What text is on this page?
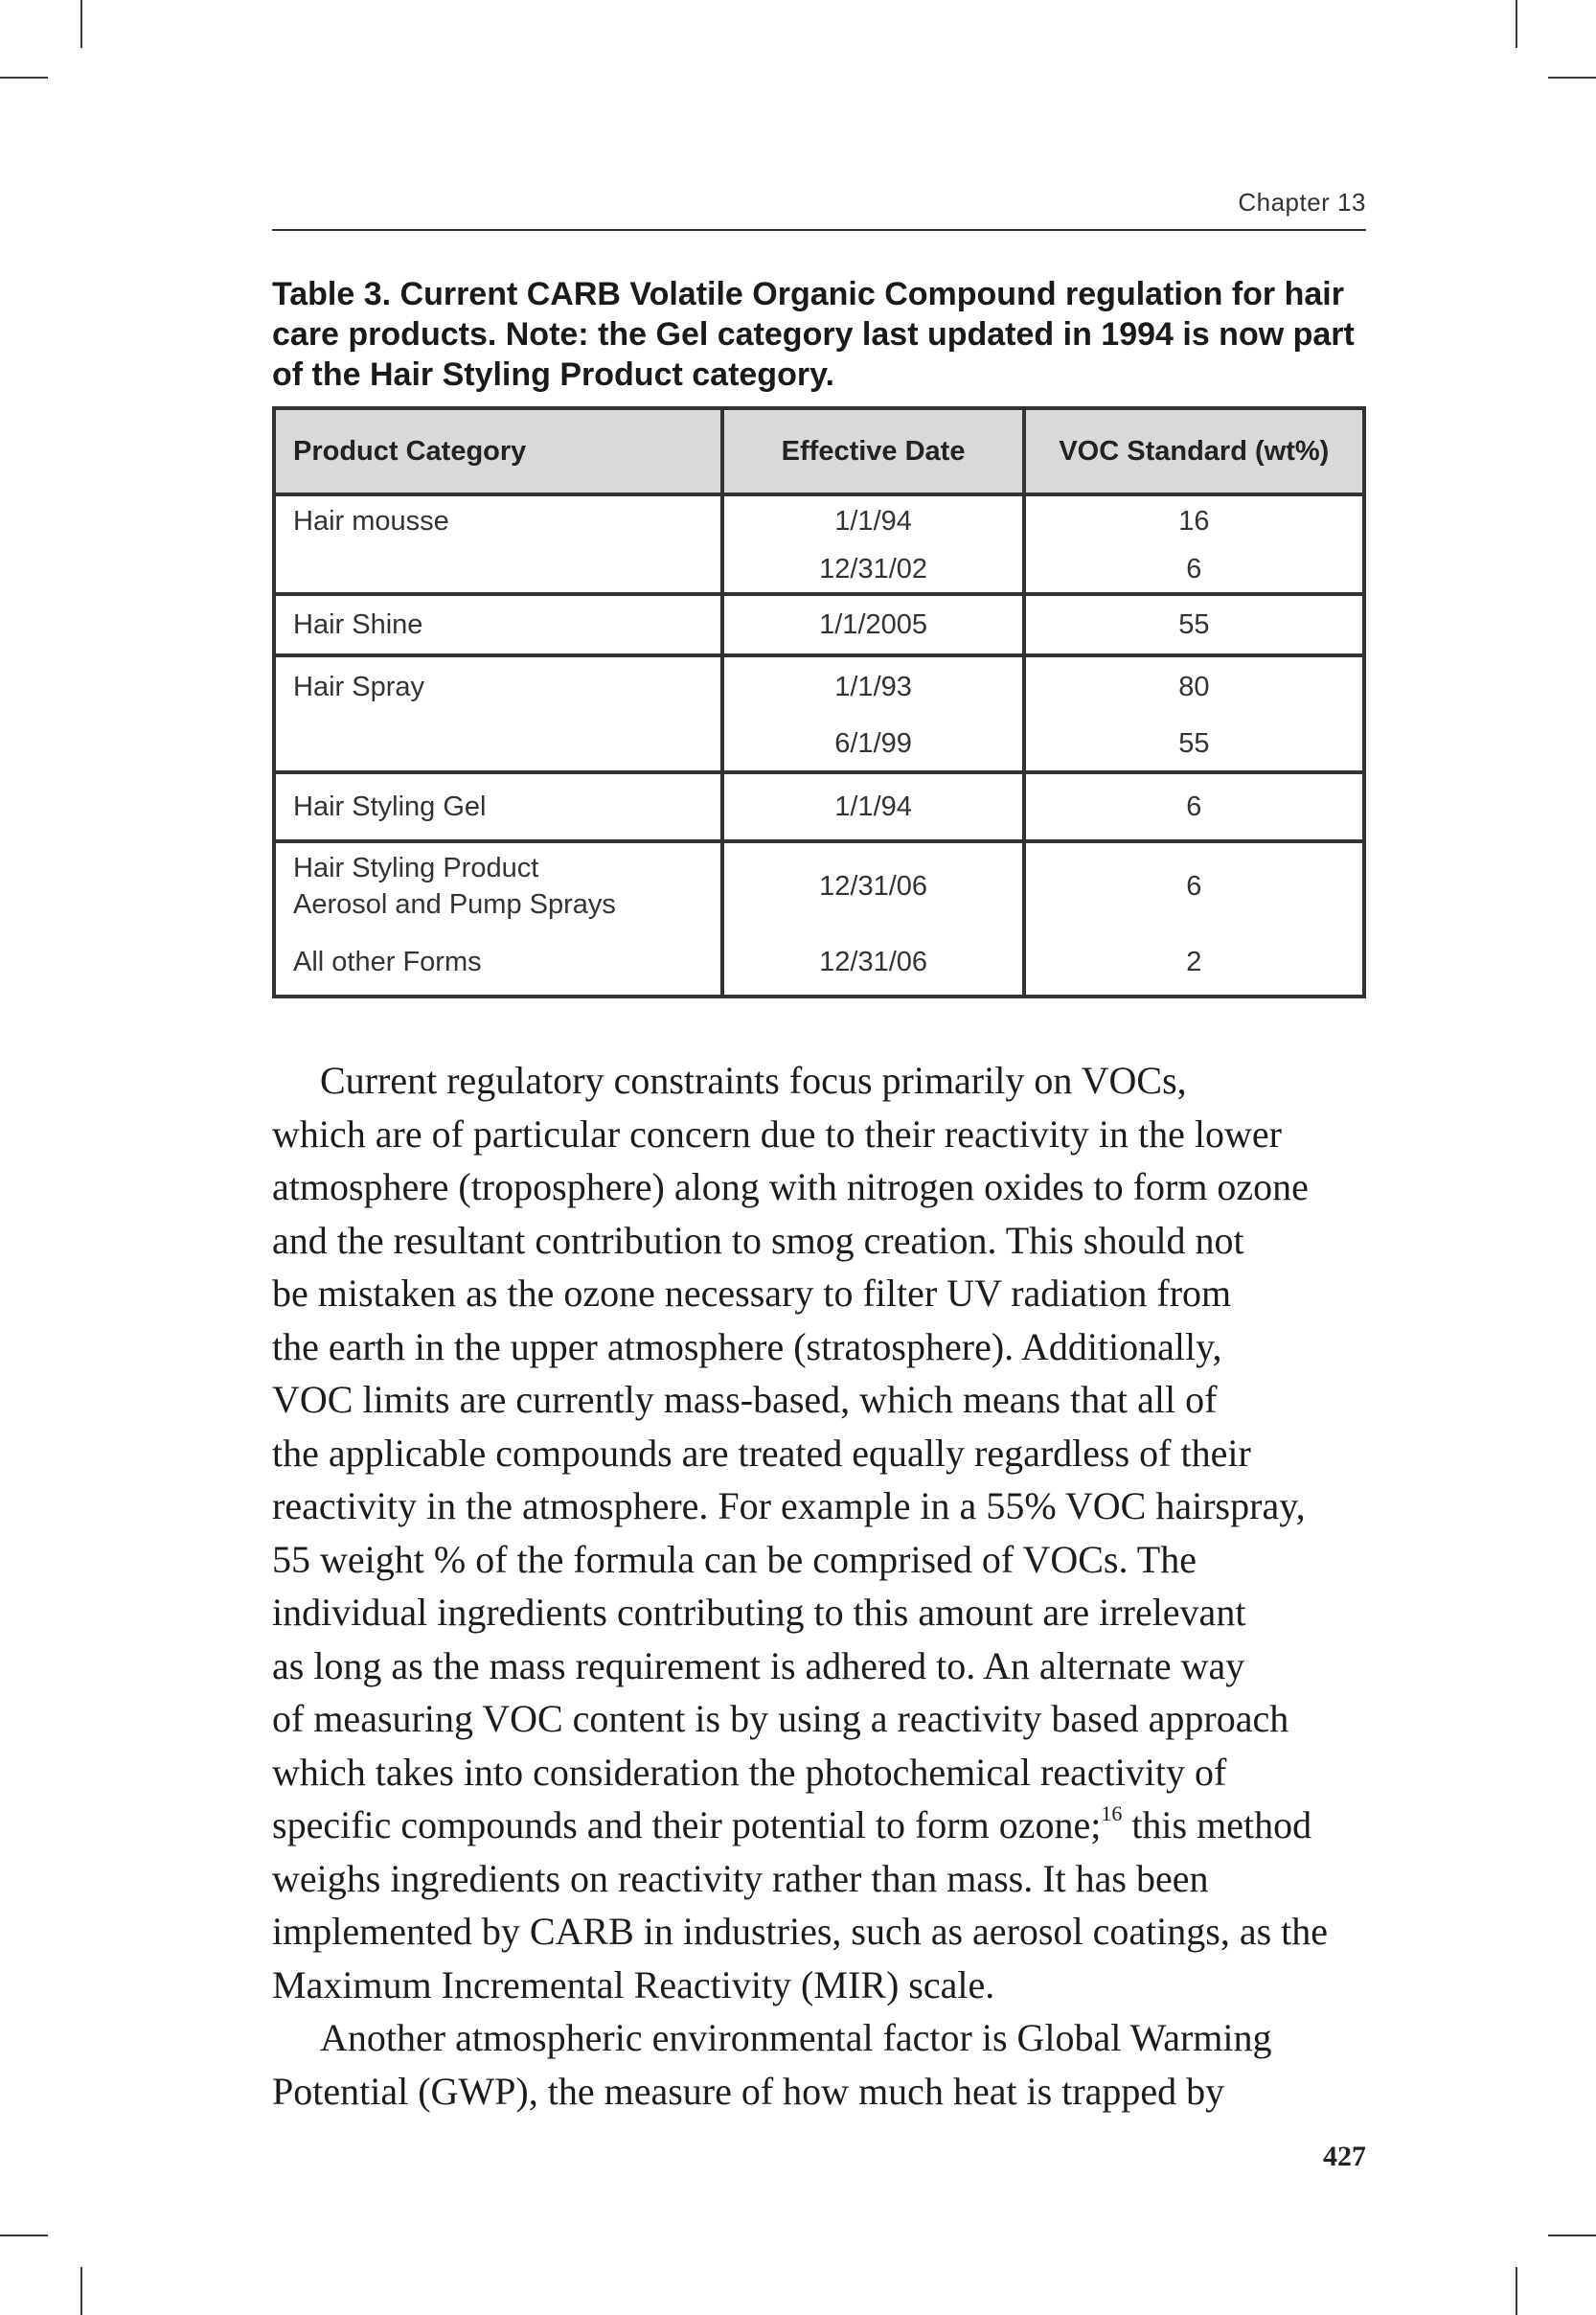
Chapter 13
Table 3. Current CARB Volatile Organic Compound regulation for hair care products. Note: the Gel category last updated in 1994 is now part of the Hair Styling Product category.
Product Category	Effective Date	VOC Standard (wt%)
Hair mousse	1/1/94	16
	12/31/02	6
Hair Shine	1/1/2005	55
Hair Spray	1/1/93	80
	6/1/99	55
Hair Styling Gel	1/1/94	6
Hair Styling Product
Aerosol and Pump Sprays	12/31/06	6
All other Forms	12/31/06	2

Current regulatory constraints focus primarily on VOCs,
which are of particular concern due to their reactivity in the lower
atmosphere (troposphere) along with nitrogen oxides to form ozone
and the resultant contribution to smog creation. This should not
be mistaken as the ozone necessary to filter UV radiation from
the earth in the upper atmosphere (stratosphere). Additionally,
VOC limits are currently mass-based, which means that all of
the applicable compounds are treated equally regardless of their
reactivity in the atmosphere. For example in a 55% VOC hairspray,
55 weight % of the formula can be comprised of VOCs. The
individual ingredients contributing to this amount are irrelevant
as long as the mass requirement is adhered to. An alternate way
of measuring VOC content is by using a reactivity based approach
which takes into consideration the photochemical reactivity of
specific compounds and their potential to form ozone;$^{16}$ this method
weighs ingredients on reactivity rather than mass. It has been
implemented by CARB in industries, such as aerosol coatings, as the
Maximum Incremental Reactivity (MIR) scale.

Another atmospheric environmental factor is Global Warming
Potential (GWP), the measure of how much heat is trapped by

427
